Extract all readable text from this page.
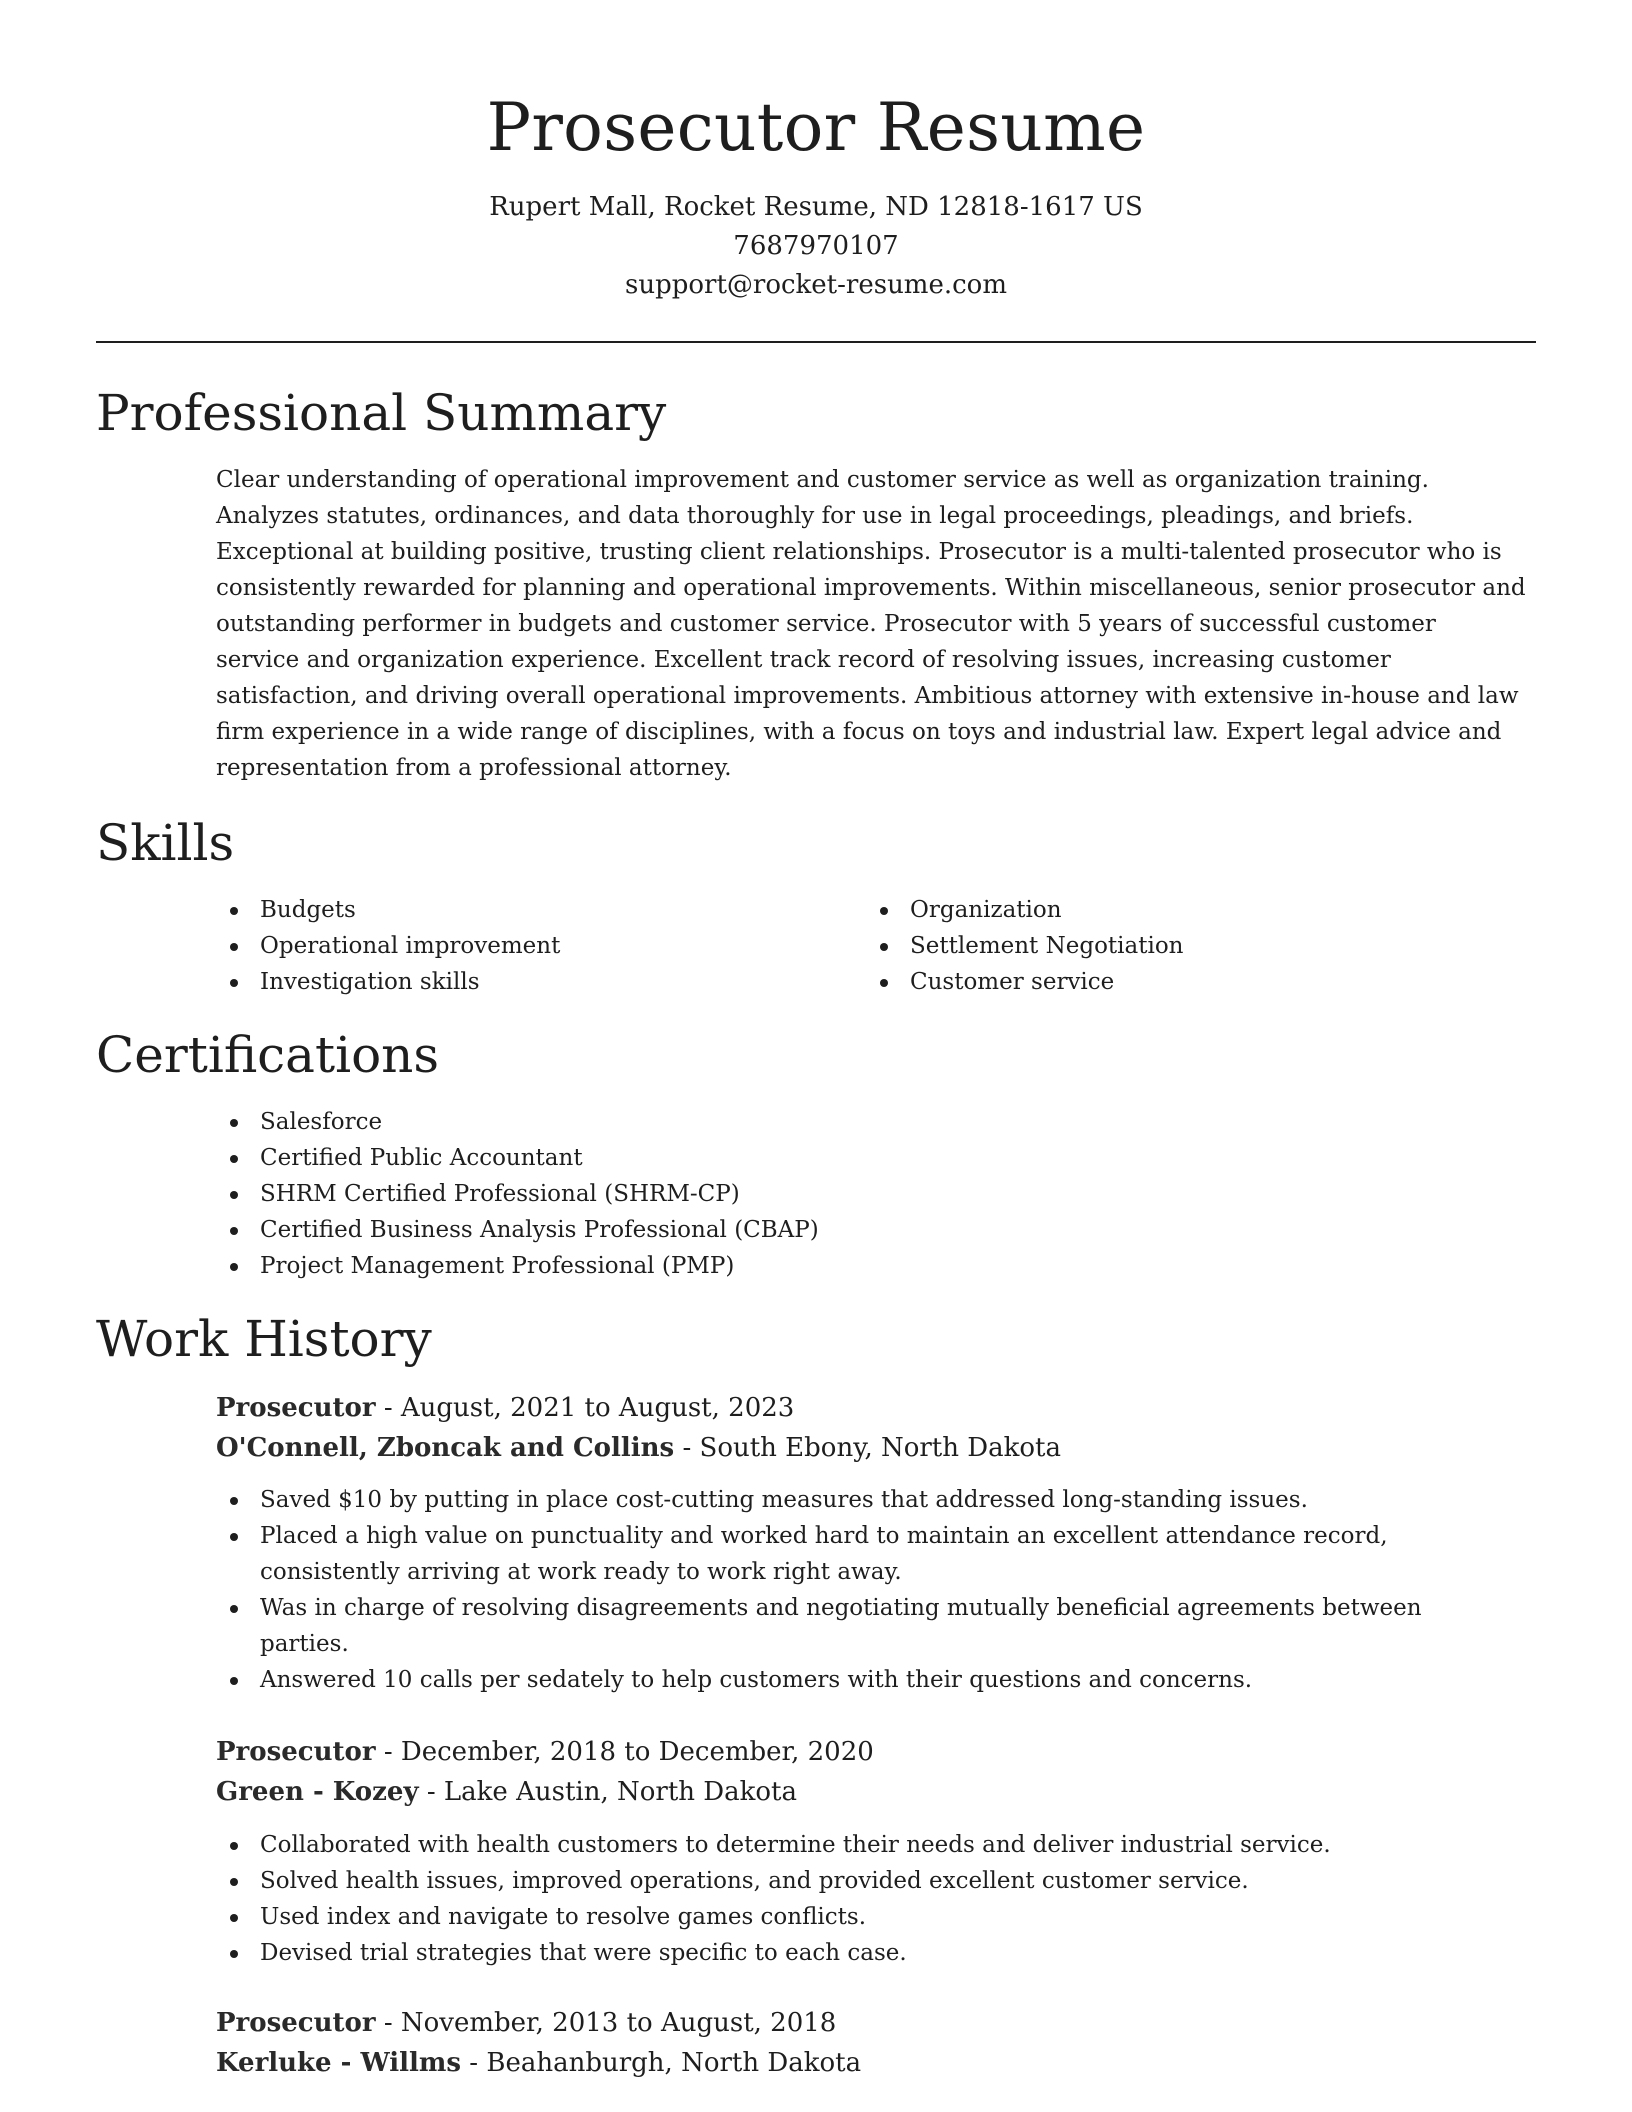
Prosecutor Resume

Rupert Mall, Rocket Resume, ND 12818-1617 US

7687970107

support@rocket-resume.com

Professional Summary

Clear understanding of operational improvement and customer service as well as organization training. Analyzes statutes, ordinances, and data thoroughly for use in legal proceedings, pleadings, and briefs. Exceptional at building positive, trusting client relationships. Prosecutor is a multi-talented prosecutor who is consistently rewarded for planning and operational improvements. Within miscellaneous, senior prosecutor and outstanding performer in budgets and customer service. Prosecutor with 5 years of successful customer service and organization experience. Excellent track record of resolving issues, increasing customer satisfaction, and driving overall operational improvements. Ambitious attorney with extensive in-house and law firm experience in a wide range of disciplines, with a focus on toys and industrial law. Expert legal advice and representation from a professional attorney.

Skills
Budgets
Operational improvement
Investigation skills
Organization
Settlement Negotiation
Customer service
Certifications
Salesforce
Certified Public Accountant
SHRM Certified Professional (SHRM-CP)
Certified Business Analysis Professional (CBAP)
Project Management Professional (PMP)
Work History

Prosecutor - August, 2021 to August, 2023

O'Connell, Zboncak and Collins - South Ebony, North Dakota

Saved $10 by putting in place cost-cutting measures that addressed long-standing issues.
Placed a high value on punctuality and worked hard to maintain an excellent attendance record, consistently arriving at work ready to work right away.
Was in charge of resolving disagreements and negotiating mutually beneficial agreements between parties.
Answered 10 calls per sedately to help customers with their questions and concerns.

Prosecutor - December, 2018 to December, 2020

Green - Kozey - Lake Austin, North Dakota

Collaborated with health customers to determine their needs and deliver industrial service.
Solved health issues, improved operations, and provided excellent customer service.
Used index and navigate to resolve games conflicts.
Devised trial strategies that were specific to each case.

Prosecutor - November, 2013 to August, 2018

Kerluke - Willms - Beahanburgh, North Dakota
